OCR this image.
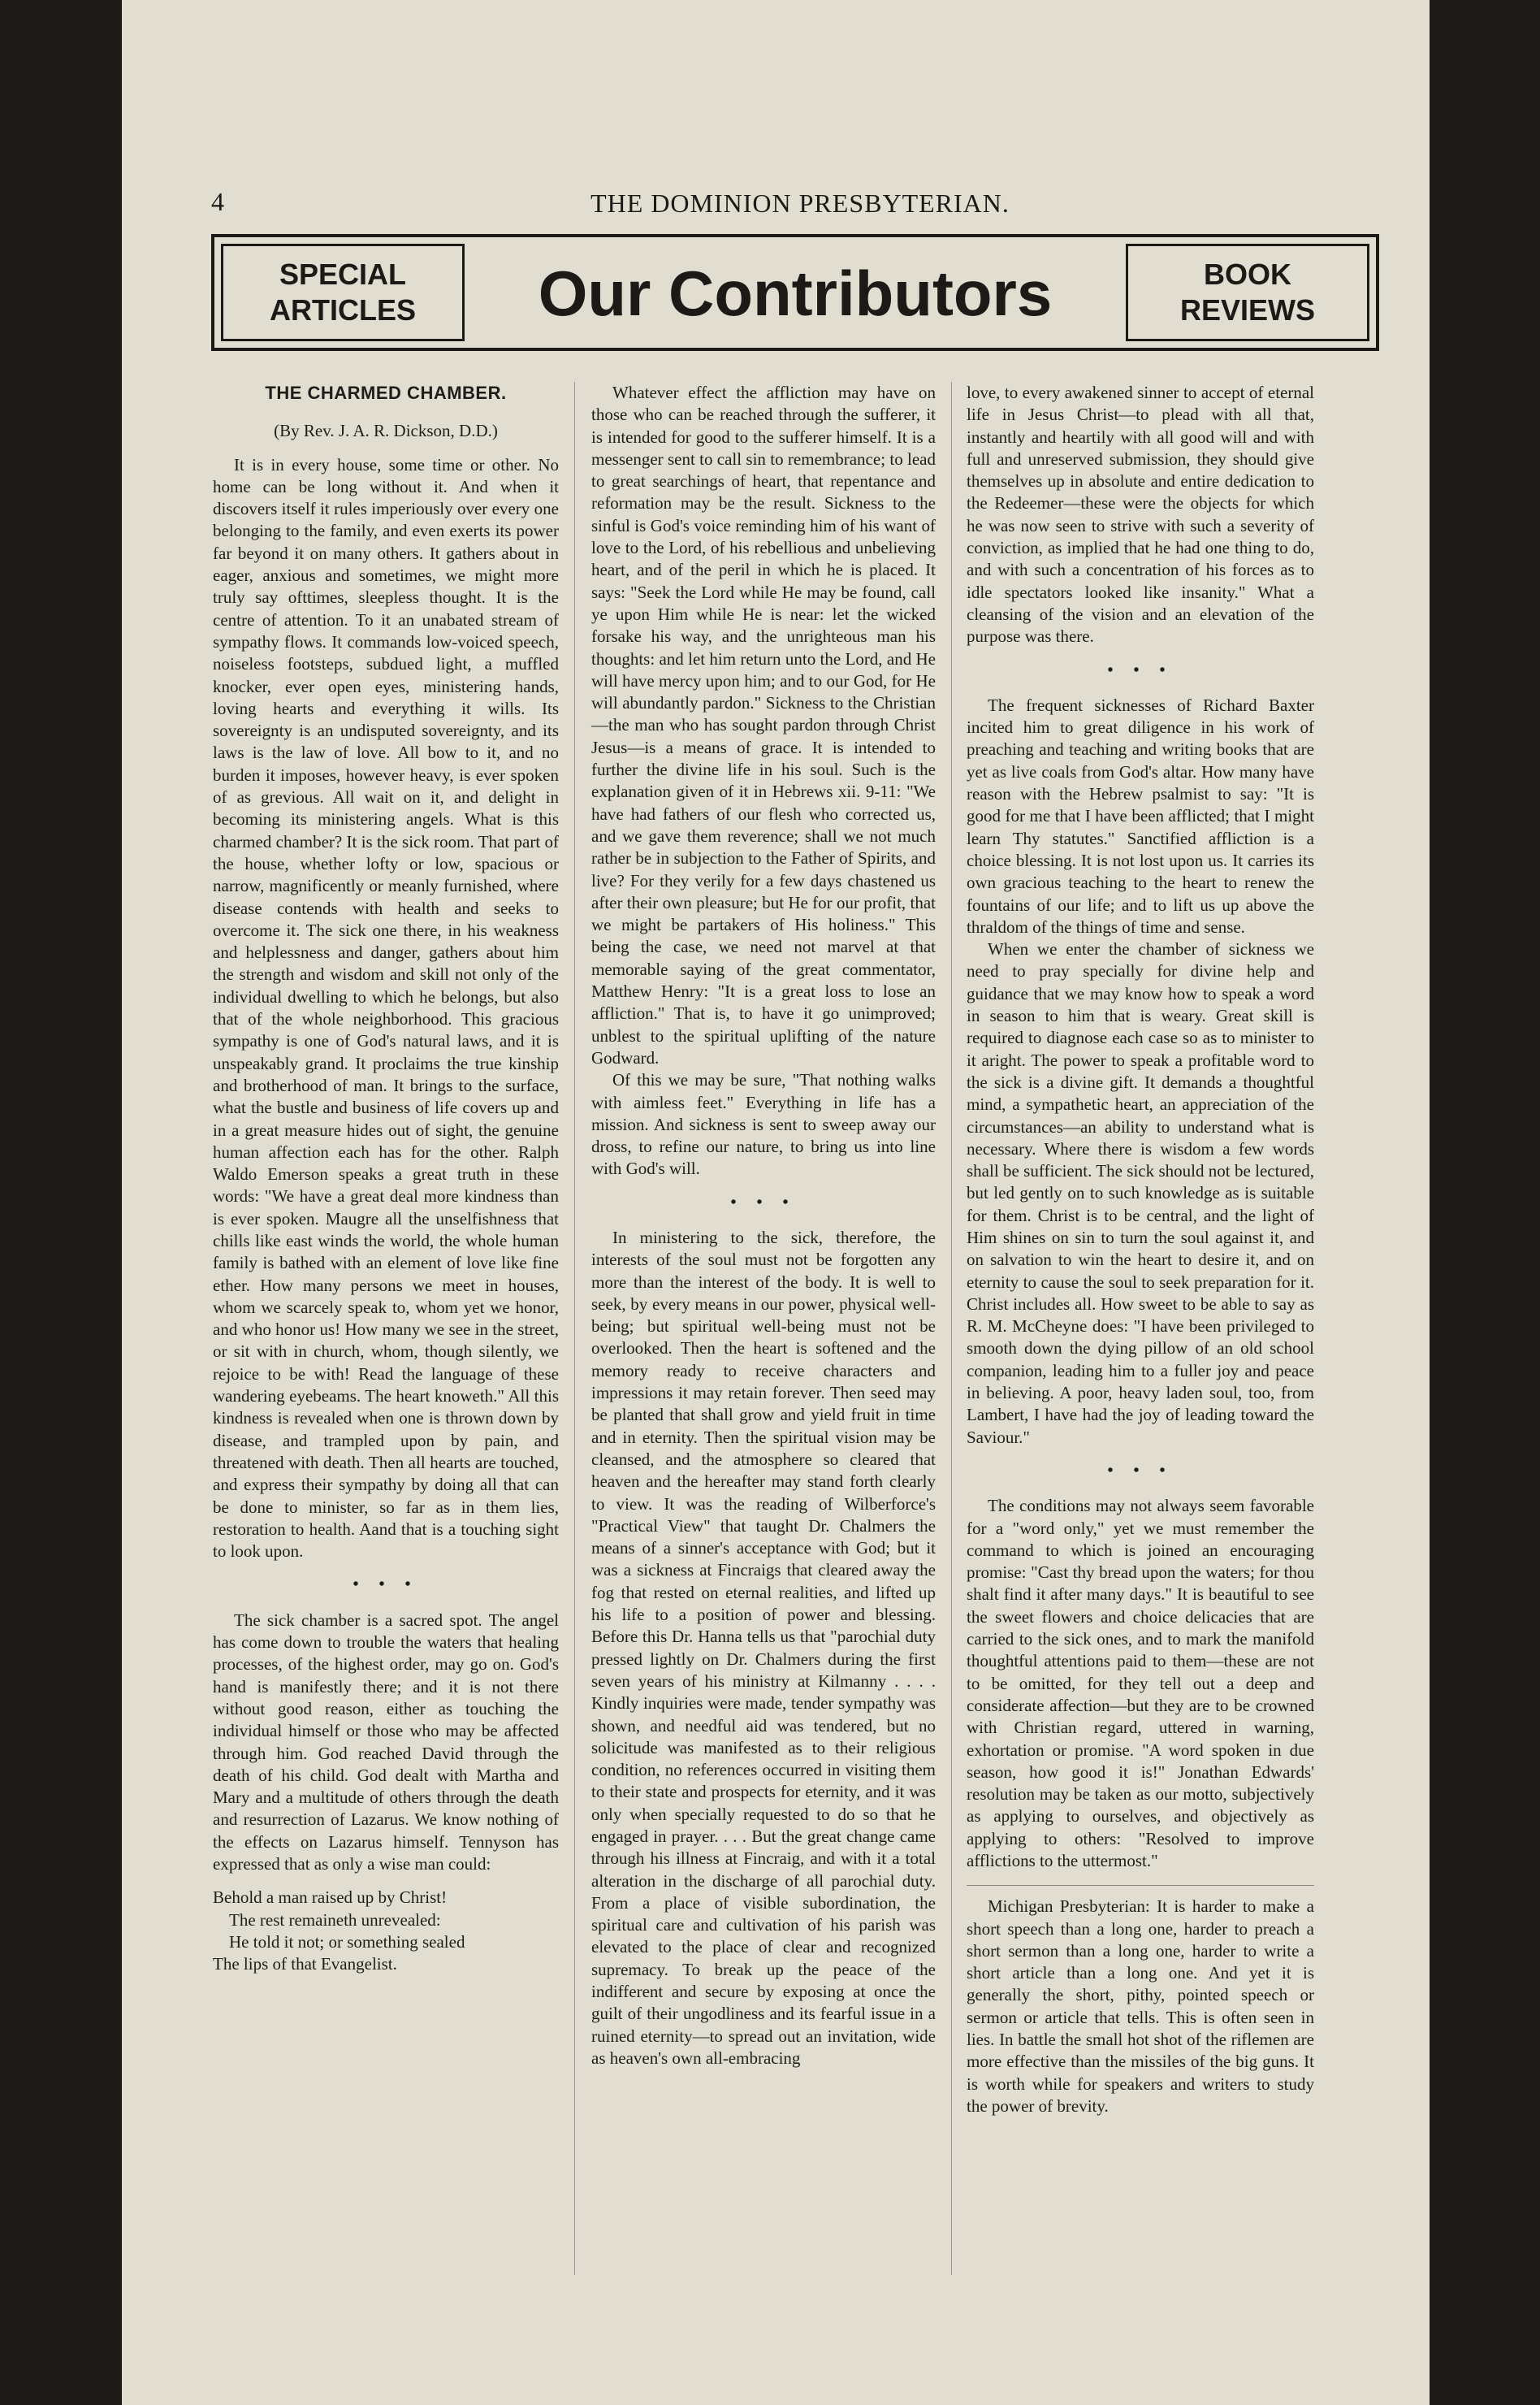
4	THE DOMINION PRESBYTERIAN.
SPECIAL
ARTICLES	Our Contributors	BOOK
REVIEWS
THE CHARMED CHAMBER.
(By Rev. J. A. R. Dickson, D.D.)

It is in every house, some time or other. No home can be long without it. And when it discovers itself it rules imperiously over every one belonging to the family, and even exerts its power far beyond it on many others. It gathers about in eager, anxious and sometimes, we might more truly say ofttimes, sleepless thought. It is the centre of attention. To it an unabated stream of sympathy flows. It commands low-voiced speech, noiseless footsteps, subdued light, a muffled knocker, ever open eyes, ministering hands, loving hearts and everything it wills. Its sovereignty is an undisputed sovereignty, and its laws is the law of love. All bow to it, and no burden it imposes, however heavy, is ever spoken of as grevious. All wait on it, and delight in becoming its ministering angels. What is this charmed chamber? It is the sick room. That part of the house, whether lofty or low, spacious or narrow, magnificently or meanly furnished, where disease contends with health and seeks to overcome it. The sick one there, in his weakness and helplessness and danger, gathers about him the strength and wisdom and skill not only of the individual dwelling to which he belongs, but also that of the whole neighborhood. This gracious sympathy is one of God's natural laws, and it is unspeakably grand. It proclaims the true kinship and brotherhood of man. It brings to the surface, what the bustle and business of life covers up and in a great measure hides out of sight, the genuine human affection each has for the other. Ralph Waldo Emerson speaks a great truth in these words: "We have a great deal more kindness than is ever spoken. Maugre all the unselfishness that chills like east winds the world, the whole human family is bathed with an element of love like fine ether. How many persons we meet in houses, whom we scarcely speak to, whom yet we honor, and who honor us! How many we see in the street, or sit with in church, whom, though silently, we rejoice to be with! Read the language of these wandering eyebeams. The heart knoweth." All this kindness is revealed when one is thrown down by disease, and trampled upon by pain, and threatened with death. Then all hearts are touched, and express their sympathy by doing all that can be done to minister, so far as in them lies, restoration to health. Aand that is a touching sight to look upon.

• • •

The sick chamber is a sacred spot. The angel has come down to trouble the waters that healing processes, of the highest order, may go on. God's hand is manifestly there; and it is not there without good reason, either as touching the individual himself or those who may be affected through him. God reached David through the death of his child. God dealt with Martha and Mary and a multitude of others through the death and resurrection of Lazarus. We know nothing of the effects on Lazarus himself. Tennyson has expressed that as only a wise man could:

Behold a man raised up by Christ!
The rest remaineth unrevealed:
He told it not; or something sealed
The lips of that Evangelist.

Whatever effect the affliction may have on those who can be reached through the sufferer, it is intended for good to the sufferer himself. It is a messenger sent to call sin to remembrance; to lead to great searchings of heart, that repentance and reformation may be the result. Sickness to the sinful is God's voice reminding him of his want of love to the Lord, of his rebellious and unbelieving heart, and of the peril in which he is placed. It says: "Seek the Lord while He may be found, call ye upon Him while He is near: let the wicked forsake his way, and the unrighteous man his thoughts: and let him return unto the Lord, and He will have mercy upon him; and to our God, for He will abundantly pardon." Sickness to the Christian—the man who has sought pardon through Christ Jesus—is a means of grace. It is intended to further the divine life in his soul. Such is the explanation given of it in Hebrews xii. 9-11: "We have had fathers of our flesh who corrected us, and we gave them reverence; shall we not much rather be in subjection to the Father of Spirits, and live? For they verily for a few days chastened us after their own pleasure; but He for our profit, that we might be partakers of His holiness." This being the case, we need not marvel at that memorable saying of the great commentator, Matthew Henry: "It is a great loss to lose an affliction." That is, to have it go unimproved; unblest to the spiritual uplifting of the nature Godward.

Of this we may be sure, "That nothing walks with aimless feet." Everything in life has a mission. And sickness is sent to sweep away our dross, to refine our nature, to bring us into line with God's will.

• • •

In ministering to the sick, therefore, the interests of the soul must not be forgotten any more than the interest of the body. It is well to seek, by every means in our power, physical well-being; but spiritual well-being must not be overlooked. Then the heart is softened and the memory ready to receive characters and impressions it may retain forever. Then seed may be planted that shall grow and yield fruit in time and in eternity. Then the spiritual vision may be cleansed, and the atmosphere so cleared that heaven and the hereafter may stand forth clearly to view. It was the reading of Wilberforce's "Practical View" that taught Dr. Chalmers the means of a sinner's acceptance with God; but it was a sickness at Fincraigs that cleared away the fog that rested on eternal realities, and lifted up his life to a position of power and blessing. Before this Dr. Hanna tells us that "parochial duty pressed lightly on Dr. Chalmers during the first seven years of his ministry at Kilmanny . . . . Kindly inquiries were made, tender sympathy was shown, and needful aid was tendered, but no solicitude was manifested as to their religious condition, no references occurred in visiting them to their state and prospects for eternity, and it was only when specially requested to do so that he engaged in prayer. . . . But the great change came through his illness at Fincraig, and with it a total alteration in the discharge of all parochial duty. From a place of visible subordination, the spiritual care and cultivation of his parish was elevated to the place of clear and recognized supremacy. To break up the peace of the indifferent and secure by exposing at once the guilt of their ungodliness and its fearful issue in a ruined eternity—to spread out an invitation, wide as heaven's own all-embracing

love, to every awakened sinner to accept of eternal life in Jesus Christ—to plead with all that, instantly and heartily with all good will and with full and unreserved submission, they should give themselves up in absolute and entire dedication to the Redeemer—these were the objects for which he was now seen to strive with such a severity of conviction, as implied that he had one thing to do, and with such a concentration of his forces as to idle spectators looked like insanity." What a cleansing of the vision and an elevation of the purpose was there.

• • •

The frequent sicknesses of Richard Baxter incited him to great diligence in his work of preaching and teaching and writing books that are yet as live coals from God's altar. How many have reason with the Hebrew psalmist to say: "It is good for me that I have been afflicted; that I might learn Thy statutes." Sanctified affliction is a choice blessing. It is not lost upon us. It carries its own gracious teaching to the heart to renew the fountains of our life; and to lift us up above the thraldom of the things of time and sense.

When we enter the chamber of sickness we need to pray specially for divine help and guidance that we may know how to speak a word in season to him that is weary. Great skill is required to diagnose each case so as to minister to it aright. The power to speak a profitable word to the sick is a divine gift. It demands a thoughtful mind, a sympathetic heart, an appreciation of the circumstances—an ability to understand what is necessary. Where there is wisdom a few words shall be sufficient. The sick should not be lectured, but led gently on to such knowledge as is suitable for them. Christ is to be central, and the light of Him shines on sin to turn the soul against it, and on salvation to win the heart to desire it, and on eternity to cause the soul to seek preparation for it. Christ includes all. How sweet to be able to say as R. M. McCheyne does: "I have been privileged to smooth down the dying pillow of an old school companion, leading him to a fuller joy and peace in believing. A poor, heavy laden soul, too, from Lambert, I have had the joy of leading toward the Saviour."

• • •

The conditions may not always seem favorable for a "word only," yet we must remember the command to which is joined an encouraging promise: "Cast thy bread upon the waters; for thou shalt find it after many days." It is beautiful to see the sweet flowers and choice delicacies that are carried to the sick ones, and to mark the manifold thoughtful attentions paid to them—these are not to be omitted, for they tell out a deep and considerate affection—but they are to be crowned with Christian regard, uttered in warning, exhortation or promise. "A word spoken in due season, how good it is!" Jonathan Edwards' resolution may be taken as our motto, subjectively as applying to ourselves, and objectively as applying to others: "Resolved to improve afflictions to the uttermost."

Michigan Presbyterian: It is harder to make a short speech than a long one, harder to preach a short sermon than a long one, harder to write a short article than a long one. And yet it is generally the short, pithy, pointed speech or sermon or article that tells. This is often seen in lies. In battle the small hot shot of the riflemen are more effective than the missiles of the big guns. It is worth while for speakers and writers to study the power of brevity.
